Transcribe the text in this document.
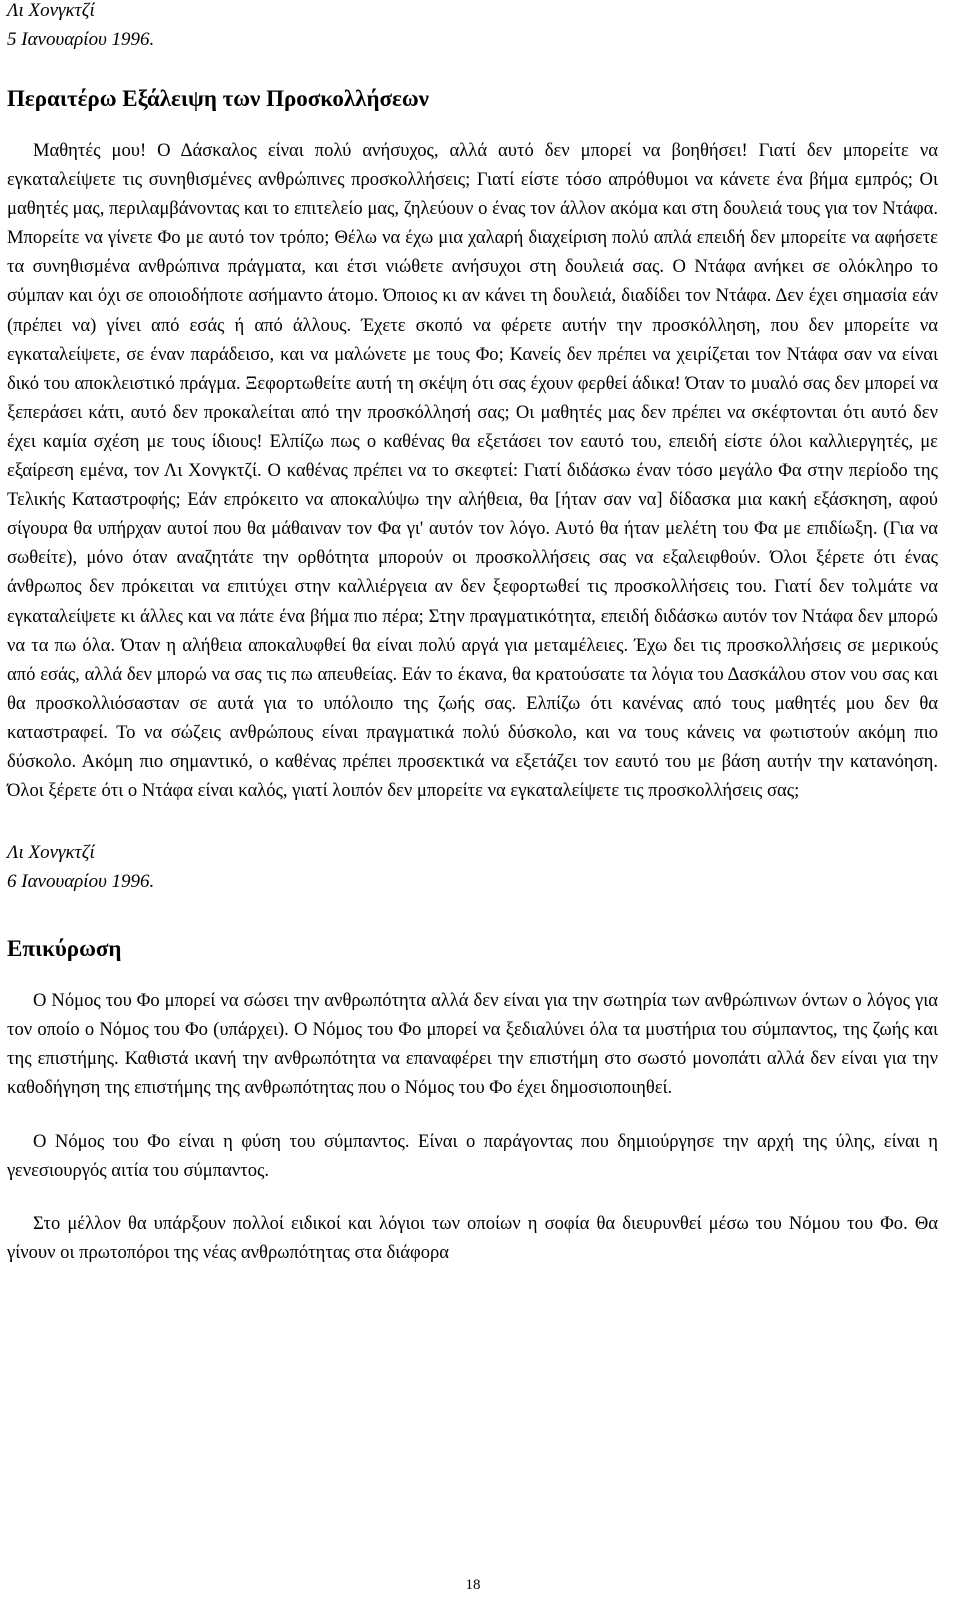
Λι Χονγκτζί

5 Ιανουαρίου 1996.

Περαιτέρω Εξάλειψη των Προσκολλήσεων

Μαθητές μου! Ο Δάσκαλος είναι πολύ ανήσυχος, αλλά αυτό δεν μπορεί να βοηθήσει! Γιατί δεν μπορείτε να εγκαταλείψετε τις συνηθισμένες ανθρώπινες προσκολλήσεις; Γιατί είστε τόσο απρόθυμοι να κάνετε ένα βήμα εμπρός; Οι μαθητές μας, περιλαμβάνοντας και το επιτελείο μας, ζηλεύουν ο ένας τον άλλον ακόμα και στη δουλειά τους για τον Ντάφα. Μπορείτε να γίνετε Φο με αυτό τον τρόπο; Θέλω να έχω μια χαλαρή διαχείριση πολύ απλά επειδή δεν μπορείτε να αφήσετε τα συνηθισμένα ανθρώπινα πράγματα, και έτσι νιώθετε ανήσυχοι στη δουλειά σας. Ο Ντάφα ανήκει σε ολόκληρο το σύμπαν και όχι σε οποιοδήποτε ασήμαντο άτομο. Όποιος κι αν κάνει τη δουλειά, διαδίδει τον Ντάφα. Δεν έχει σημασία εάν (πρέπει να) γίνει από εσάς ή από άλλους. Έχετε σκοπό να φέρετε αυτήν την προσκόλληση, που δεν μπορείτε να εγκαταλείψετε, σε έναν παράδεισο, και να μαλώνετε με τους Φο; Κανείς δεν πρέπει να χειρίζεται τον Ντάφα σαν να είναι δικό του αποκλειστικό πράγμα. Ξεφορτωθείτε αυτή τη σκέψη ότι σας έχουν φερθεί άδικα! Όταν το μυαλό σας δεν μπορεί να ξεπεράσει κάτι, αυτό δεν προκαλείται από την προσκόλλησή σας; Οι μαθητές μας δεν πρέπει να σκέφτονται ότι αυτό δεν έχει καμία σχέση με τους ίδιους! Ελπίζω πως ο καθένας θα εξετάσει τον εαυτό του, επειδή είστε όλοι καλλιεργητές, με εξαίρεση εμένα, τον Λι Χονγκτζί. Ο καθένας πρέπει να το σκεφτεί: Γιατί διδάσκω έναν τόσο μεγάλο Φα στην περίοδο της Τελικής Καταστροφής; Εάν επρόκειτο να αποκαλύψω την αλήθεια, θα [ήταν σαν να] δίδασκα μια κακή εξάσκηση, αφού σίγουρα θα υπήρχαν αυτοί που θα μάθαιναν τον Φα γι' αυτόν τον λόγο. Αυτό θα ήταν μελέτη του Φα με επιδίωξη. (Για να σωθείτε), μόνο όταν αναζητάτε την ορθότητα μπορούν οι προσκολλήσεις σας να εξαλειφθούν. Όλοι ξέρετε ότι ένας άνθρωπος δεν πρόκειται να επιτύχει στην καλλιέργεια αν δεν ξεφορτωθεί τις προσκολλήσεις του. Γιατί δεν τολμάτε να εγκαταλείψετε κι άλλες και να πάτε ένα βήμα πιο πέρα; Στην πραγματικότητα, επειδή διδάσκω αυτόν τον Ντάφα δεν μπορώ να τα πω όλα. Όταν η αλήθεια αποκαλυφθεί θα είναι πολύ αργά για μεταμέλειες. Έχω δει τις προσκολλήσεις σε μερικούς από εσάς, αλλά δεν μπορώ να σας τις πω απευθείας. Εάν το έκανα, θα κρατούσατε τα λόγια του Δασκάλου στον νου σας και θα προσκολλιόσασταν σε αυτά για το υπόλοιπο της ζωής σας. Ελπίζω ότι κανένας από τους μαθητές μου δεν θα καταστραφεί. Το να σώζεις ανθρώπους είναι πραγματικά πολύ δύσκολο, και να τους κάνεις να φωτιστούν ακόμη πιο δύσκολο. Ακόμη πιο σημαντικό, ο καθένας πρέπει προσεκτικά να εξετάζει τον εαυτό του με βάση αυτήν την κατανόηση. Όλοι ξέρετε ότι ο Ντάφα είναι καλός, γιατί λοιπόν δεν μπορείτε να εγκαταλείψετε τις προσκολλήσεις σας;

Λι Χονγκτζί

6 Ιανουαρίου 1996.

Επικύρωση

Ο Νόμος του Φο μπορεί να σώσει την ανθρωπότητα αλλά δεν είναι για την σωτηρία των ανθρώπινων όντων ο λόγος για τον οποίο ο Νόμος του Φο (υπάρχει). Ο Νόμος του Φο μπορεί να ξεδιαλύνει όλα τα μυστήρια του σύμπαντος, της ζωής και της επιστήμης. Καθιστά ικανή την ανθρωπότητα να επαναφέρει την επιστήμη στο σωστό μονοπάτι αλλά δεν είναι για την καθοδήγηση της επιστήμης της ανθρωπότητας που ο Νόμος του Φο έχει δημοσιοποιηθεί.

Ο Νόμος του Φο είναι η φύση του σύμπαντος. Είναι ο παράγοντας που δημιούργησε την αρχή της ύλης, είναι η γενεσιουργός αιτία του σύμπαντος.

Στο μέλλον θα υπάρξουν πολλοί ειδικοί και λόγιοι των οποίων η σοφία θα διευρυνθεί μέσω του Νόμου του Φο. Θα γίνουν οι πρωτοπόροι της νέας ανθρωπότητας στα διάφορα

18
